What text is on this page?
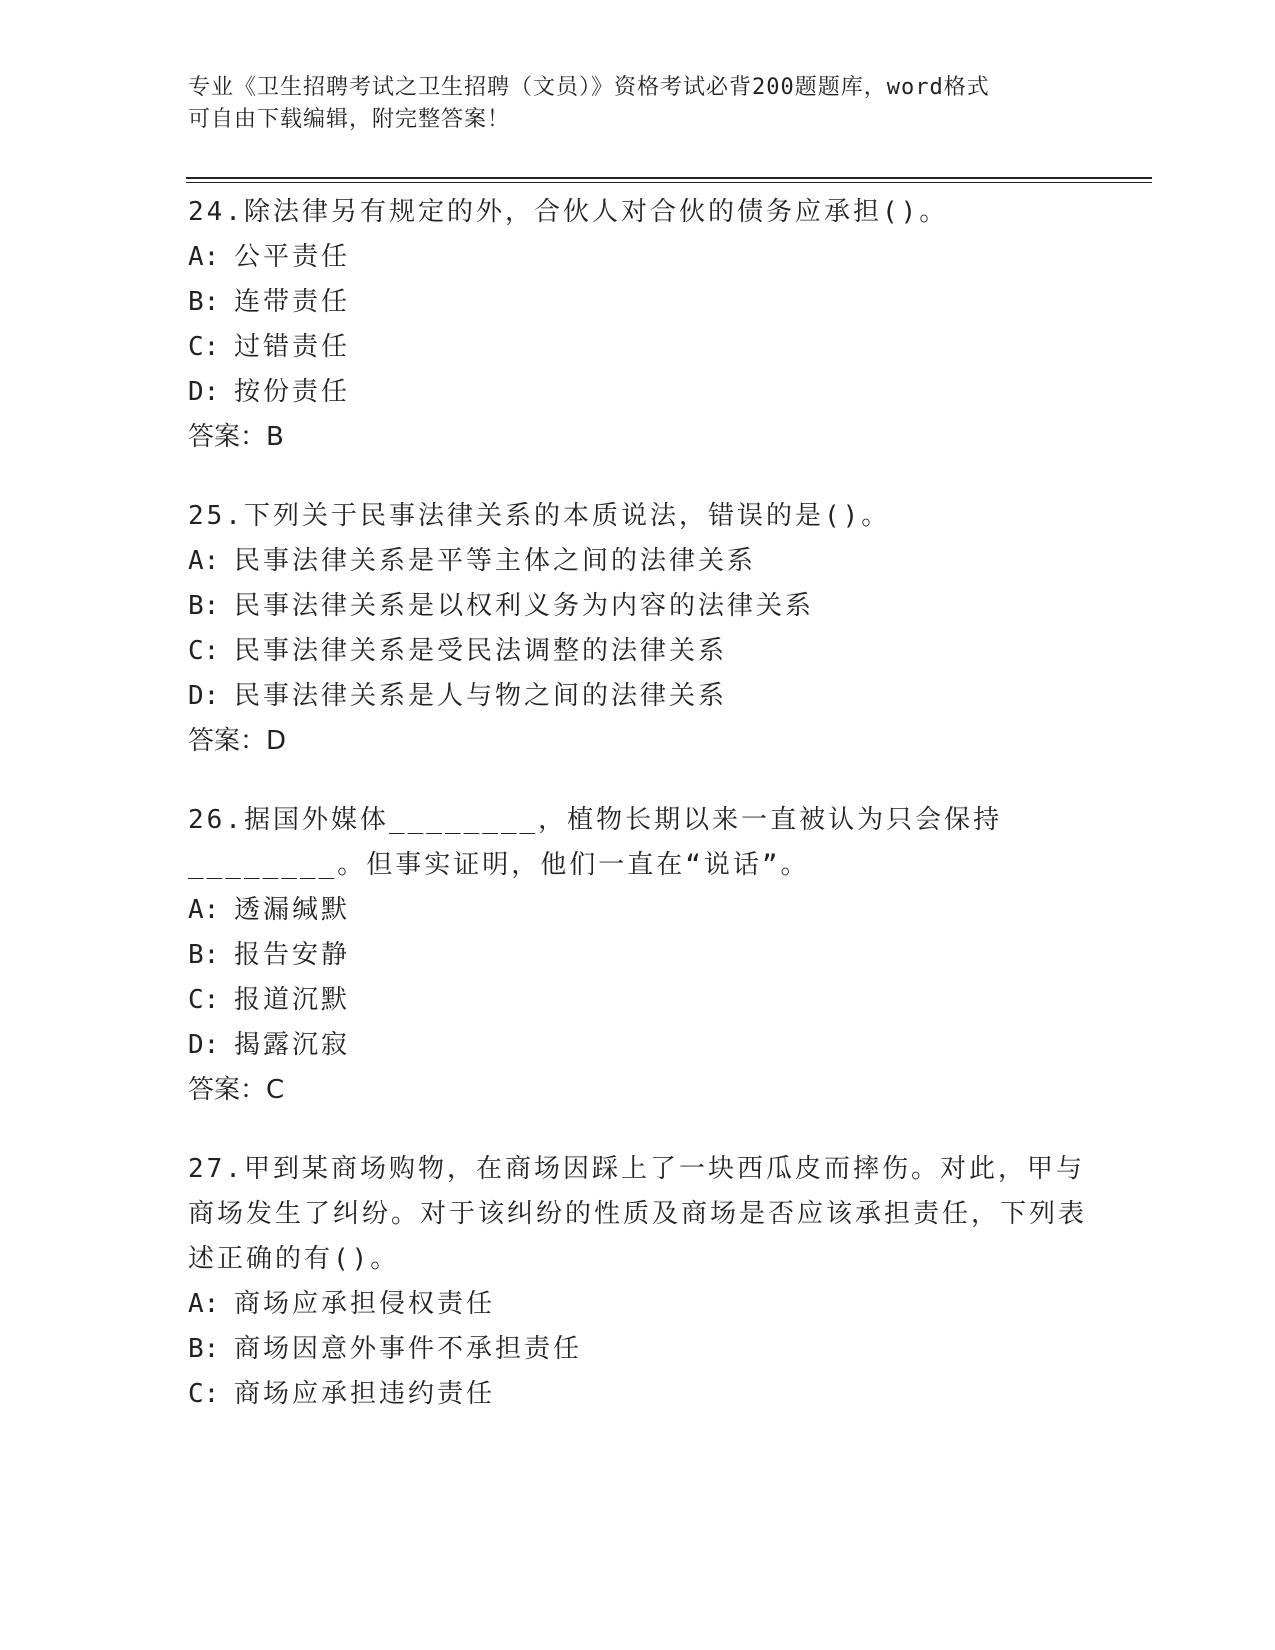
专业《卫生招聘考试之卫生招聘（文员）》资格考试必背200题题库，word格式
可自由下载编辑，附完整答案！
24.除法律另有规定的外，合伙人对合伙的债务应承担()。
A: 公平责任
B: 连带责任
C: 过错责任
D: 按份责任
答案：B
25.下列关于民事法律关系的本质说法，错误的是()。
A: 民事法律关系是平等主体之间的法律关系
B: 民事法律关系是以权利义务为内容的法律关系
C: 民事法律关系是受民法调整的法律关系
D: 民事法律关系是人与物之间的法律关系
答案：D
26.据国外媒体________，植物长期以来一直被认为只会保持________。但事实证明，他们一直在“说话”。
A: 透漏缄默
B: 报告安静
C: 报道沉默
D: 揭露沉寂
答案：C
27.甲到某商场购物，在商场因踩上了一块西瓜皮而摔伤。对此，甲与商场发生了纠纷。对于该纠纷的性质及商场是否应该承担责任，下列表述正确的有()。
A: 商场应承担侵权责任
B: 商场因意外事件不承担责任
C: 商场应承担违约责任
